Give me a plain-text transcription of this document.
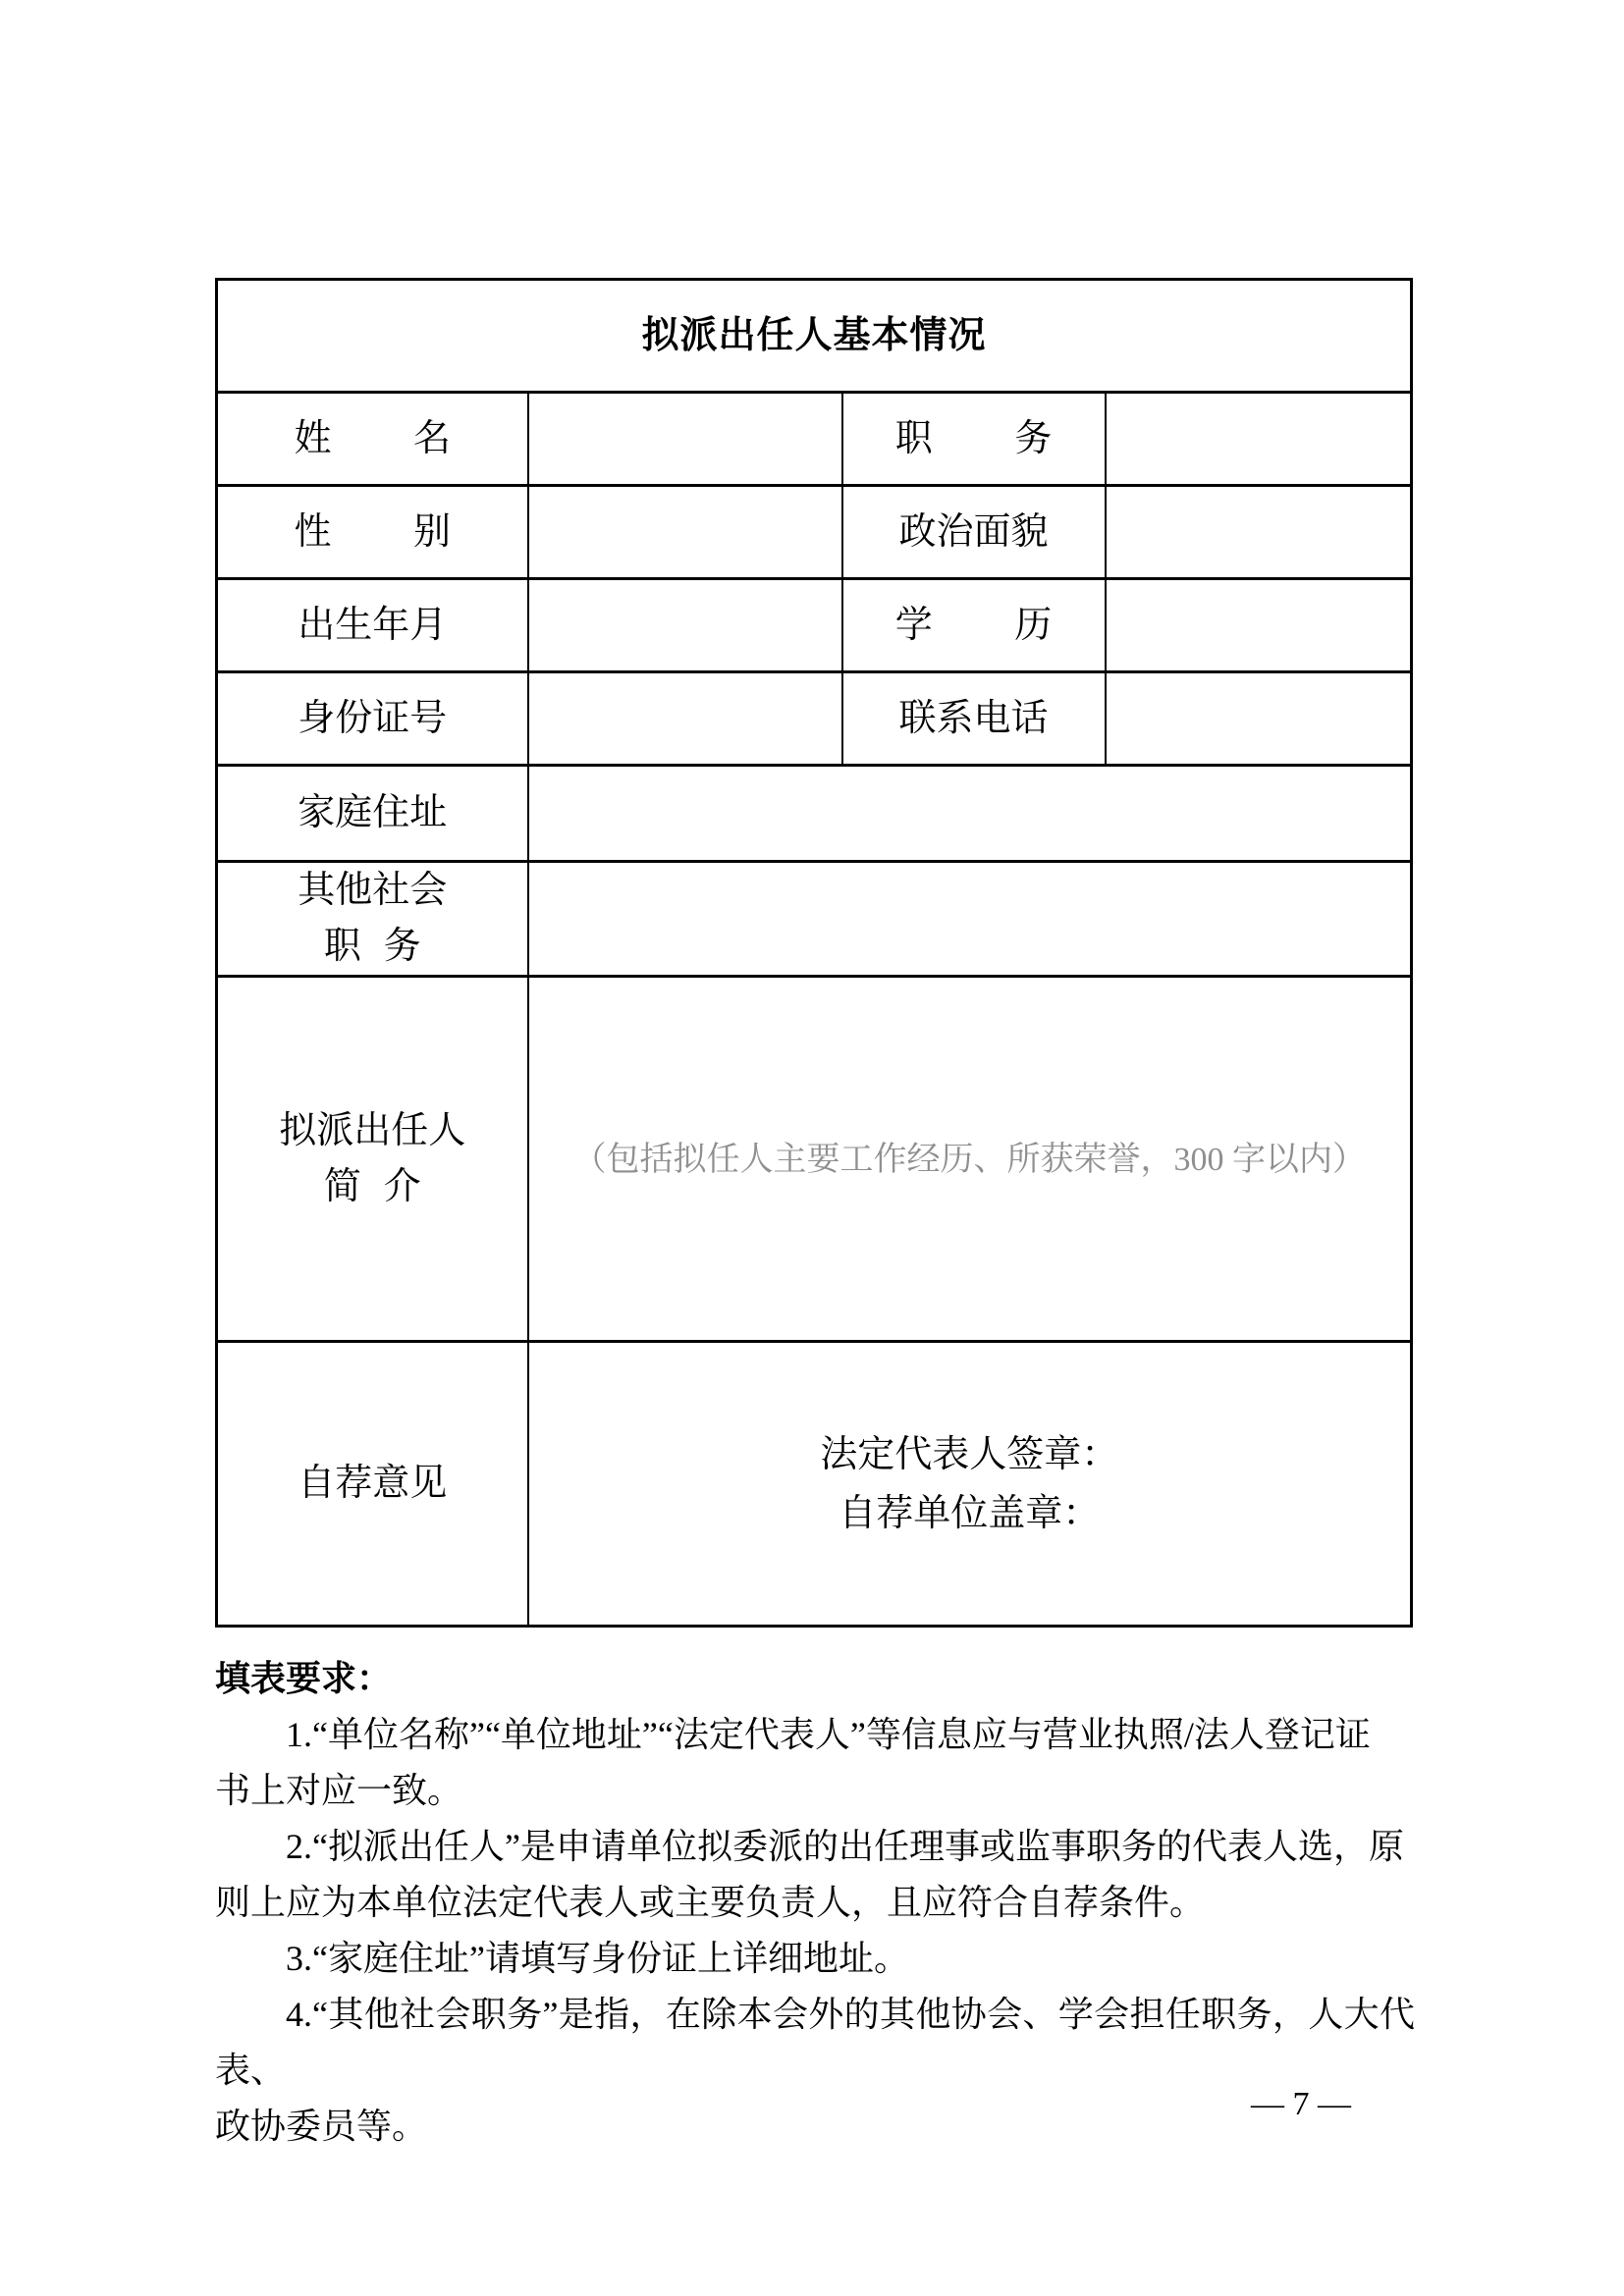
拟派出任人基本情况			
姓名		职务	
性别		政治面貌	
出生年月		学历	
身份证号		联系电话	
家庭住址			

其他社会
职务			

拟派出任人
简介	（包括拟任人主要工作经历、所获荣誉，300 字以内）		
自荐意见	法定代表人签章：
自荐单位盖章：		

填表要求：

1.“单位名称”“单位地址”“法定代表人”等信息应与营业执照/法人登记证

书上对应一致。

2.“拟派出任人”是申请单位拟委派的出任理事或监事职务的代表人选，原

则上应为本单位法定代表人或主要负责人，且应符合自荐条件。

3.“家庭住址”请填写身份证上详细地址。

4.“其他社会职务”是指，在除本会外的其他协会、学会担任职务，人大代表、

政协委员等。

— 7 —
